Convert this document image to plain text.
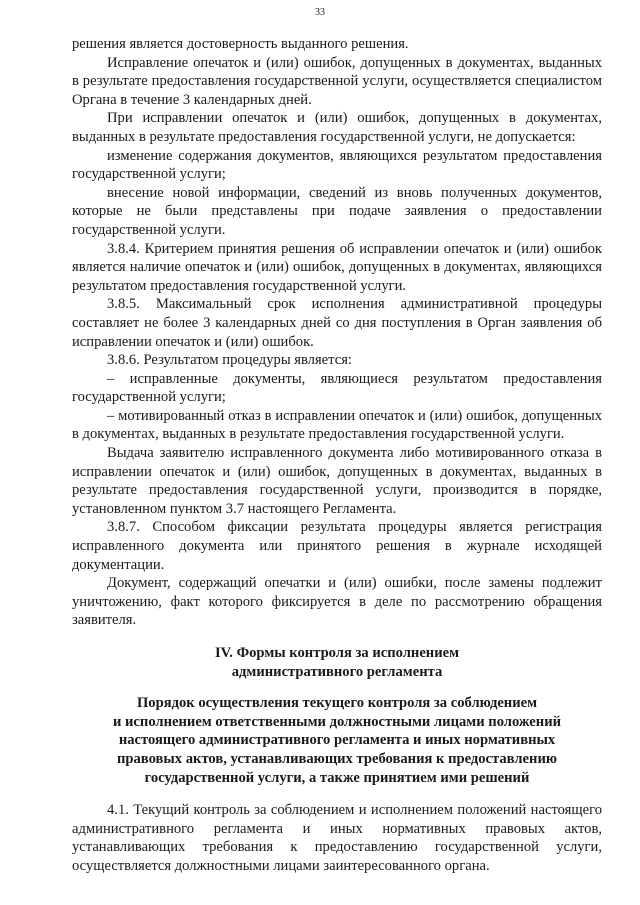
33

решения является достоверность выданного решения.

Исправление опечаток и (или) ошибок, допущенных в документах, выданных в результате предоставления государственной услуги, осуществляется специалистом Органа в течение 3 календарных дней.

При исправлении опечаток и (или) ошибок, допущенных в документах, выданных в результате предоставления государственной услуги, не допускается:

изменение содержания документов, являющихся результатом предоставления государственной услуги;

внесение новой информации, сведений из вновь полученных документов, которые не были представлены при подаче заявления о предоставлении государственной услуги.

3.8.4. Критерием принятия решения об исправлении опечаток и (или) ошибок является наличие опечаток и (или) ошибок, допущенных в документах, являющихся результатом предоставления государственной услуги.

3.8.5. Максимальный срок исполнения административной процедуры составляет не более 3 календарных дней со дня поступления в Орган заявления об исправлении опечаток и (или) ошибок.

3.8.6. Результатом процедуры является:

– исправленные документы, являющиеся результатом предоставления государственной услуги;

– мотивированный отказ в исправлении опечаток и (или) ошибок, допущенных в документах, выданных в результате предоставления государственной услуги.

Выдача заявителю исправленного документа либо мотивированного отказа в исправлении опечаток и (или) ошибок, допущенных в документах, выданных в результате предоставления государственной услуги, производится в порядке, установленном пунктом 3.7 настоящего Регламента.

3.8.7. Способом фиксации результата процедуры является регистрация исправленного документа или принятого решения в журнале исходящей документации.

Документ, содержащий опечатки и (или) ошибки, после замены подлежит уничтожению, факт которого фиксируется в деле по рассмотрению обращения заявителя.

IV. Формы контроля за исполнением
административного регламента
Порядок осуществления текущего контроля за соблюдением
и исполнением ответственными должностными лицами положений
настоящего административного регламента и иных нормативных
правовых актов, устанавливающих требования к предоставлению
государственной услуги, а также принятием ими решений

4.1. Текущий контроль за соблюдением и исполнением положений настоящего административного регламента и иных нормативных правовых актов, устанавливающих требования к предоставлению государственной услуги, осуществляется должностными лицами заинтересованного органа.
